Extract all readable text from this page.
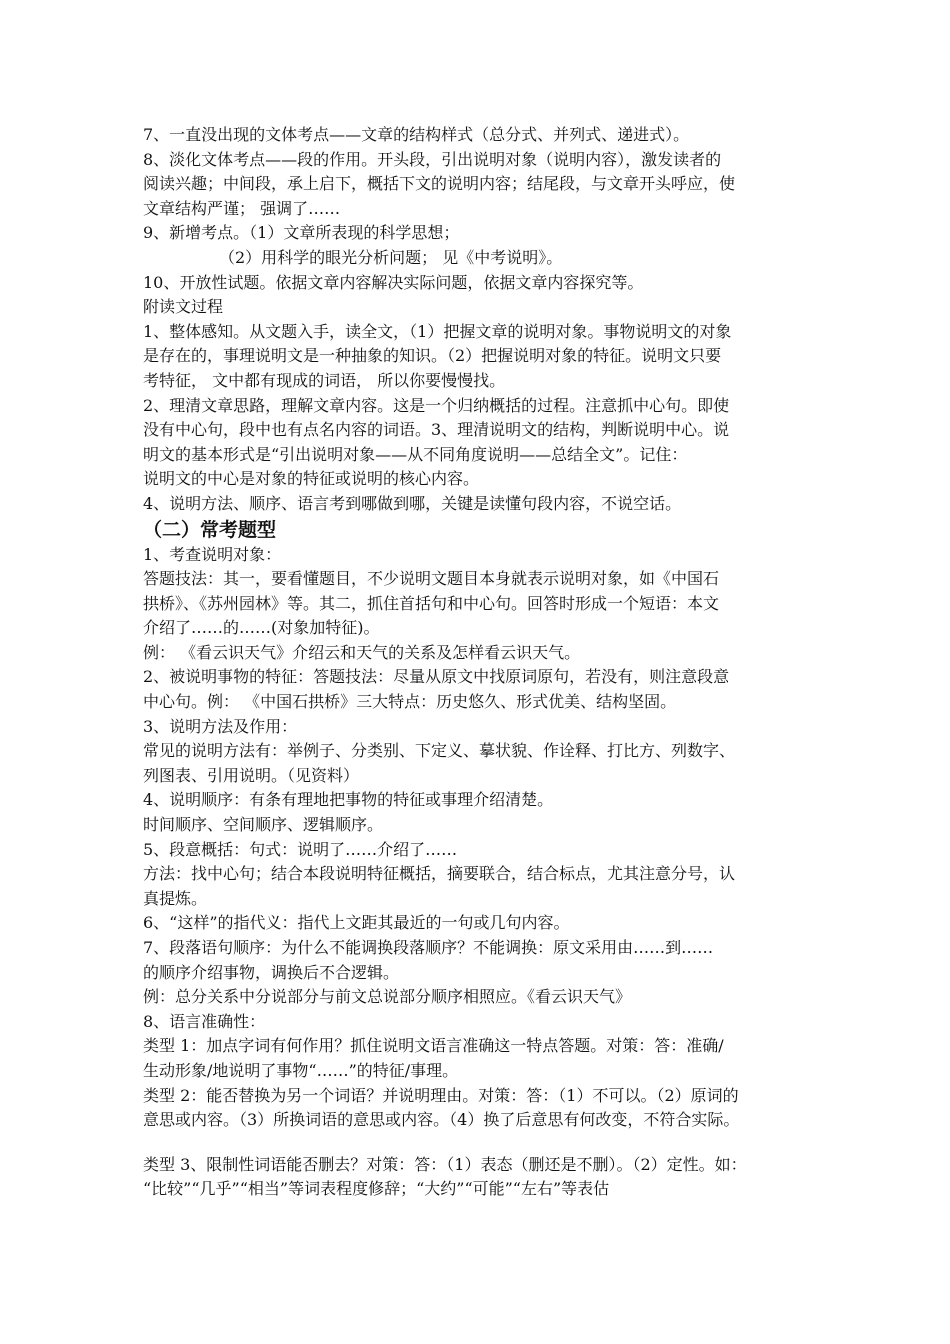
7、一直没出现的文体考点——文章的结构样式（总分式、并列式、递进式）。
8、淡化文体考点——段的作用。开头段，引出说明对象（说明内容），激发读者的
阅读兴趣；中间段，承上启下，概括下文的说明内容；结尾段，与文章开头呼应，使
文章结构严谨； 强调了……
9、新增考点。（1）文章所表现的科学思想；
（2）用科学的眼光分析问题； 见《中考说明》。
10、开放性试题。依据文章内容解决实际问题，依据文章内容探究等。
附读文过程
1、整体感知。从文题入手，读全文，（1）把握文章的说明对象。事物说明文的对象
是存在的，事理说明文是一种抽象的知识。（2）把握说明对象的特征。说明文只要
考特征， 文中都有现成的词语， 所以你要慢慢找。
2、理清文章思路，理解文章内容。这是一个归纳概括的过程。注意抓中心句。即使
没有中心句，段中也有点名内容的词语。3、理清说明文的结构，判断说明中心。说
明文的基本形式是“引出说明对象——从不同角度说明——总结全文”。记住：
说明文的中心是对象的特征或说明的核心内容。
4、说明方法、顺序、语言考到哪做到哪，关键是读懂句段内容，不说空话。
（二）常考题型
1、考查说明对象：
答题技法：其一，要看懂题目，不少说明文题目本身就表示说明对象，如《中国石
拱桥》、《苏州园林》等。其二，抓住首括句和中心句。回答时形成一个短语：本文
介绍了……的……(对象加特征)。
例： 《看云识天气》介绍云和天气的关系及怎样看云识天气。
2、被说明事物的特征：答题技法：尽量从原文中找原词原句，若没有，则注意段意
中心句。例： 《中国石拱桥》三大特点：历史悠久、形式优美、结构坚固。
3、说明方法及作用：
常见的说明方法有：举例子、分类别、下定义、摹状貌、作诠释、打比方、列数字、
列图表、引用说明。（见资料）
4、说明顺序：有条有理地把事物的特征或事理介绍清楚。
时间顺序、空间顺序、逻辑顺序。
5、段意概括：句式：说明了……介绍了……
方法：找中心句；结合本段说明特征概括，摘要联合，结合标点，尤其注意分号，认
真提炼。
6、“这样”的指代义：指代上文距其最近的一句或几句内容。
7、段落语句顺序：为什么不能调换段落顺序？不能调换：原文采用由……到……
的顺序介绍事物，调换后不合逻辑。
例：总分关系中分说部分与前文总说部分顺序相照应。《看云识天气》
8、语言准确性：
类型 1：加点字词有何作用？抓住说明文语言准确这一特点答题。对策：答：准确/
生动形象/地说明了事物“……”的特征/事理。
类型 2：能否替换为另一个词语？并说明理由。对策：答：（1）不可以。（2）原词的
意思或内容。（3）所换词语的意思或内容。（4）换了后意思有何改变，不符合实际。
类型 3、限制性词语能否删去？对策：答：（1）表态（删还是不删）。（2）定性。如：
“比较”“几乎”“相当”等词表程度修辞；“大约”“可能”“左右”等表估
